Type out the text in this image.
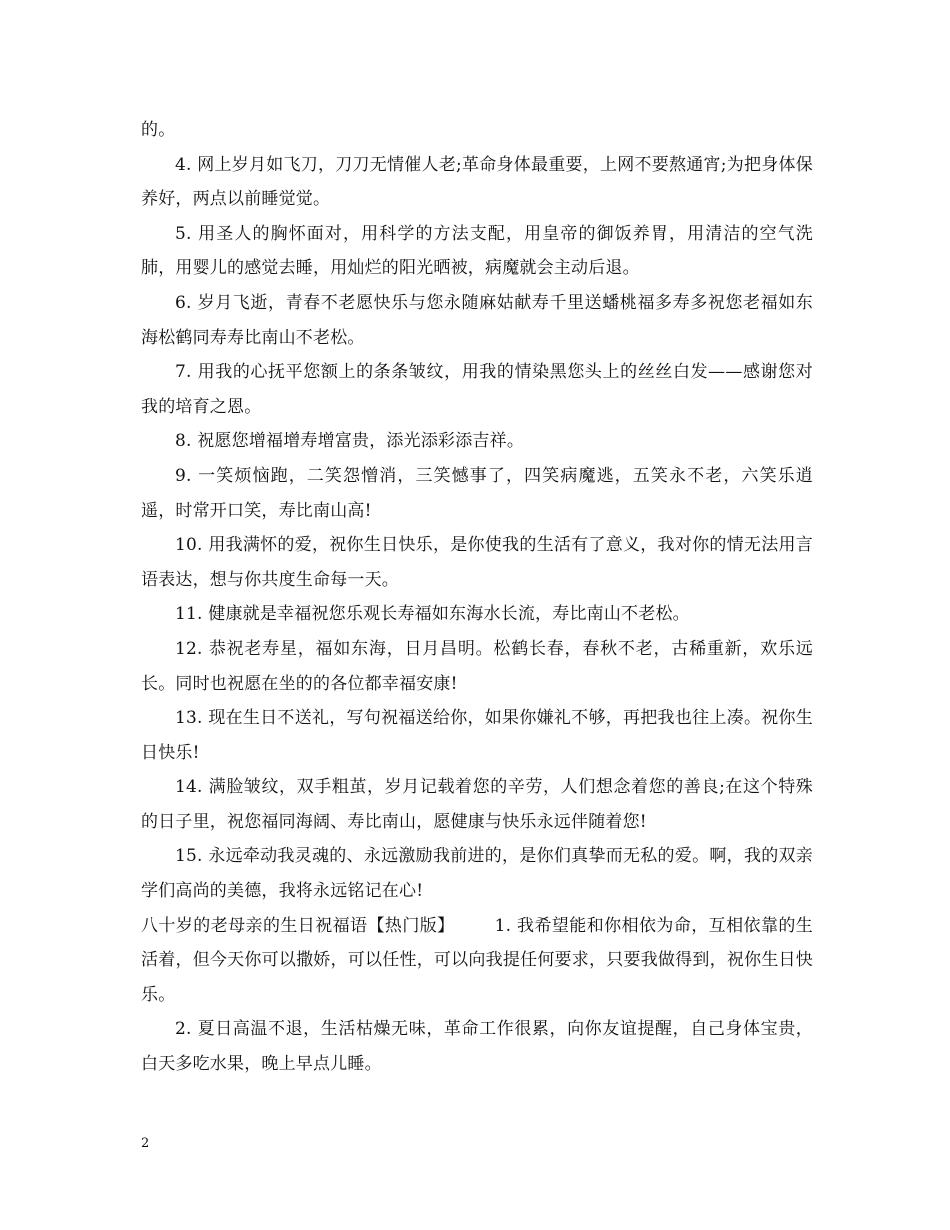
的。

4. 网上岁月如飞刀，刀刀无情催人老;革命身体最重要，上网不要熬通宵;为把身体保养好，两点以前睡觉觉。

5. 用圣人的胸怀面对，用科学的方法支配，用皇帝的御饭养胃，用清洁的空气洗肺，用婴儿的感觉去睡，用灿烂的阳光晒被，病魔就会主动后退。

6. 岁月飞逝，青春不老愿快乐与您永随麻姑献寿千里送蟠桃福多寿多祝您老福如东海松鹤同寿寿比南山不老松。

7. 用我的心抚平您额上的条条皱纹，用我的情染黑您头上的丝丝白发——感谢您对我的培育之恩。

8. 祝愿您增福增寿增富贵，添光添彩添吉祥。

9. 一笑烦恼跑，二笑怨憎消，三笑憾事了，四笑病魔逃，五笑永不老，六笑乐逍遥，时常开口笑，寿比南山高!

10. 用我满怀的爱，祝你生日快乐，是你使我的生活有了意义，我对你的情无法用言语表达，想与你共度生命每一天。

11. 健康就是幸福祝您乐观长寿福如东海水长流，寿比南山不老松。

12. 恭祝老寿星，福如东海，日月昌明。松鹤长春，春秋不老，古稀重新，欢乐远长。同时也祝愿在坐的的各位都幸福安康!

13. 现在生日不送礼，写句祝福送给你，如果你嫌礼不够，再把我也往上凑。祝你生日快乐!

14. 满脸皱纹，双手粗茧，岁月记载着您的辛劳，人们想念着您的善良;在这个特殊的日子里，祝您福同海阔、寿比南山，愿健康与快乐永远伴随着您!

15. 永远牵动我灵魂的、永远激励我前进的，是你们真挚而无私的爱。啊，我的双亲学们高尚的美德，我将永远铭记在心!

八十岁的老母亲的生日祝福语【热门版】 1. 我希望能和你相依为命，互相依靠的生活着，但今天你可以撒娇，可以任性，可以向我提任何要求，只要我做得到，祝你生日快乐。

2. 夏日高温不退，生活枯燥无味，革命工作很累，向你友谊提醒，自己身体宝贵，白天多吃水果，晚上早点儿睡。

2
